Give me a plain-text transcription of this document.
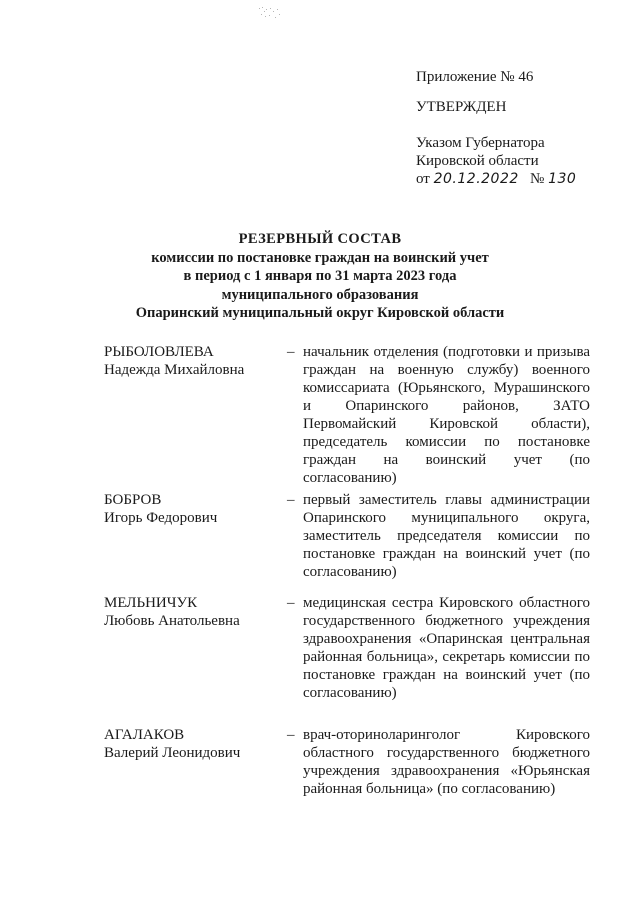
Приложение № 46
УТВЕРЖДЕН
Указом Губернатора
Кировской области
от 20.12.2022 № 130
РЕЗЕРВНЫЙ СОСТАВ
комиссии по постановке граждан на воинский учет
в период с 1 января по 31 марта 2023 года
муниципального образования
Опаринский муниципальный округ Кировской области
РЫБОЛОВЛЕВА
Надежда Михайловна
– начальник отделения (подготовки и призыва граждан на военную службу) военного комиссариата (Юрьянского, Мурашинского и Опаринского районов, ЗАТО Первомайский Кировской области), председатель комиссии по постановке граждан на воинский учет (по согласованию)
БОБРОВ
Игорь Федорович
– первый заместитель главы администрации Опаринского муниципального округа, заместитель председателя комиссии по постановке граждан на воинский учет (по согласованию)
МЕЛЬНИЧУК
Любовь Анатольевна
– медицинская сестра Кировского областного государственного бюджетного учреждения здравоохранения «Опаринская центральная районная больница», секретарь комиссии по постановке граждан на воинский учет (по согласованию)
АГАЛАКОВ
Валерий Леонидович
– врач-оториноларинголог Кировского областного государственного бюджетного учреждения здравоохранения «Юрьянская районная больница» (по согласованию)
